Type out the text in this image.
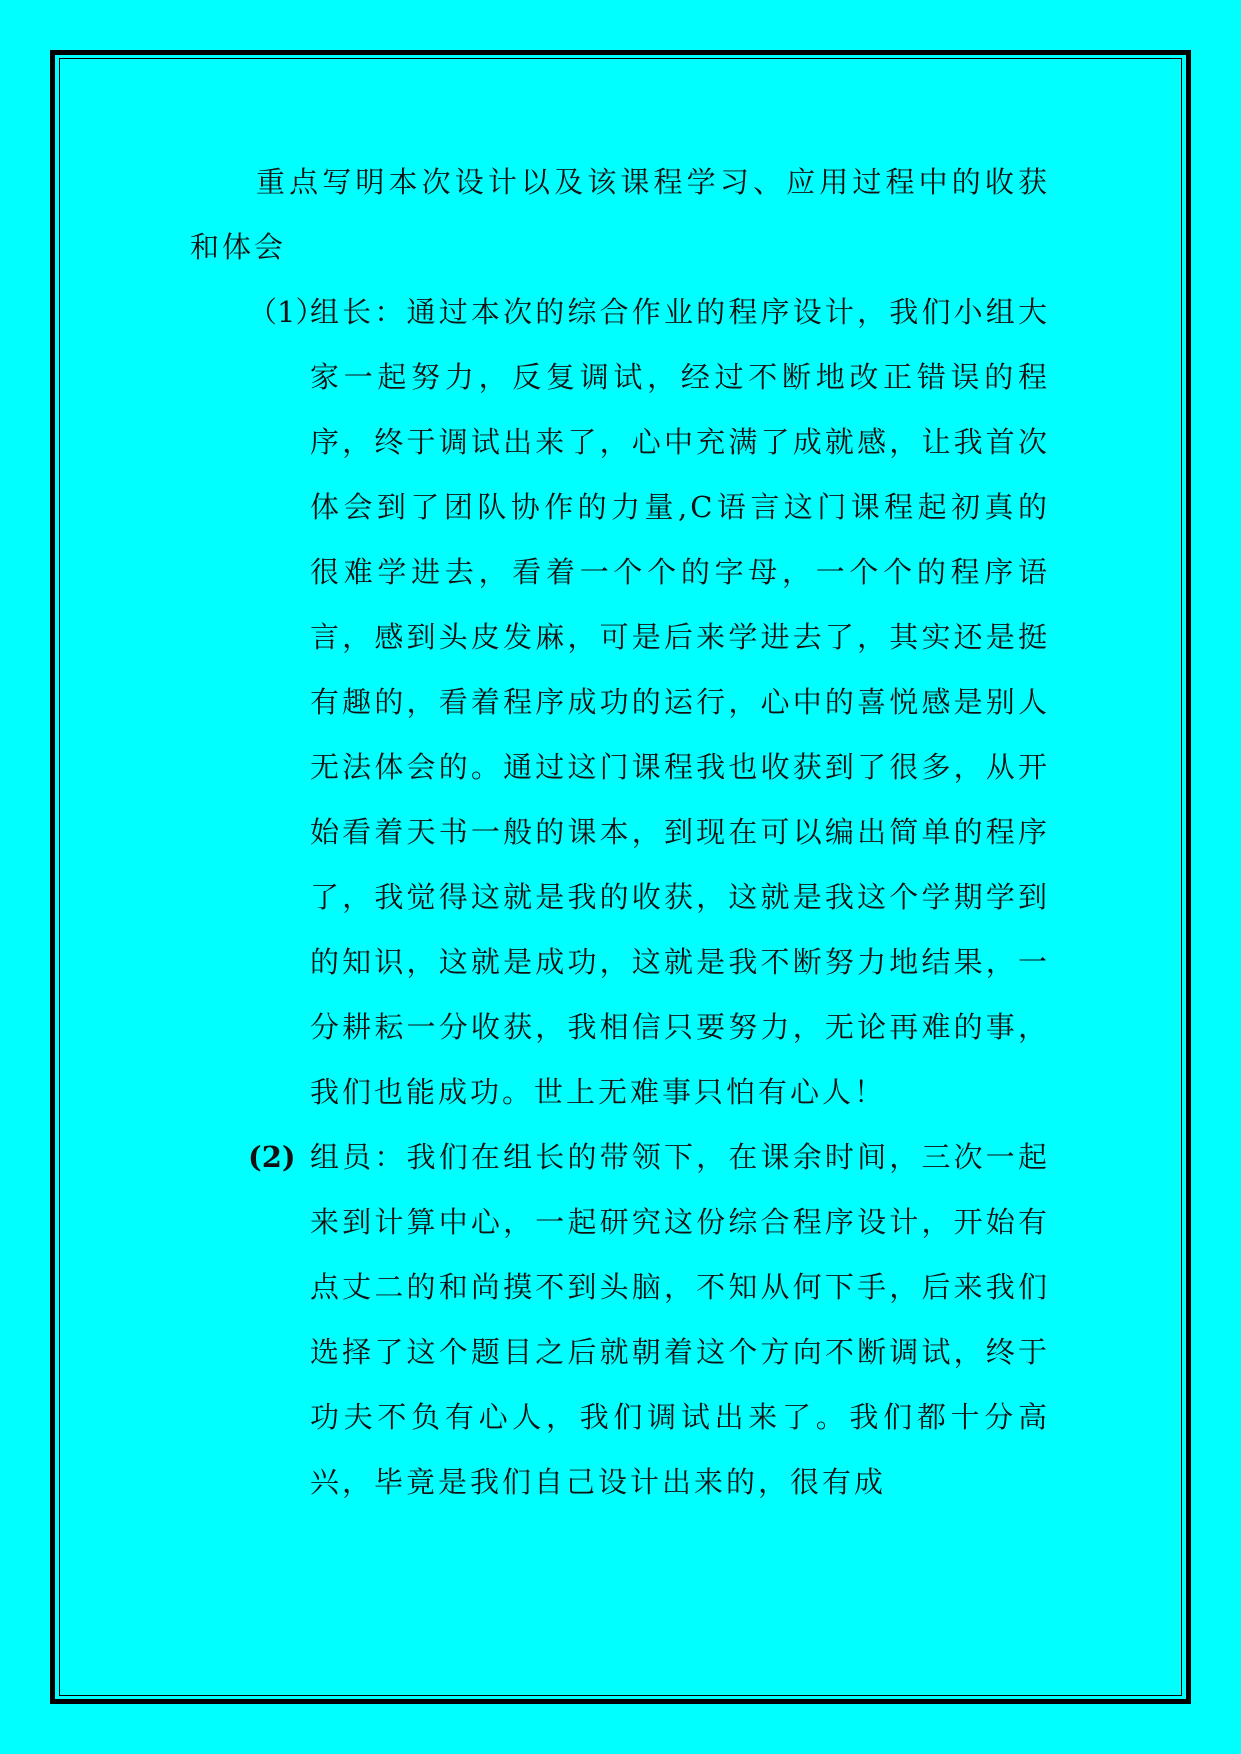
重点写明本次设计以及该课程学习、应用过程中的收获和体会

（1）
组长：通过本次的综合作业的程序设计，我们小组大家一起努力，反复调试，经过不断地改正错误的程序，终于调试出来了，心中充满了成就感，让我首次体会到了团队协作的力量,C语言这门课程起初真的很难学进去，看着一个个的字母，一个个的程序语言，感到头皮发麻，可是后来学进去了，其实还是挺有趣的，看着程序成功的运行，心中的喜悦感是别人无法体会的。通过这门课程我也收获到了很多，从开始看着天书一般的课本，到现在可以编出简单的程序了，我觉得这就是我的收获，这就是我这个学期学到的知识，这就是成功，这就是我不断努力地结果，一分耕耘一分收获，我相信只要努力，无论再难的事，我们也能成功。世上无难事只怕有心人！
(2) 组员：我们在组长的带领下，在课余时间，三次一起来到计算中心，一起研究这份综合程序设计，开始有点丈二的和尚摸不到头脑，不知从何下手，后来我们选择了这个题目之后就朝着这个方向不断调试，终于功夫不负有心人，我们调试出来了。我们都十分高兴，毕竟是我们自己设计出来的，很有成
